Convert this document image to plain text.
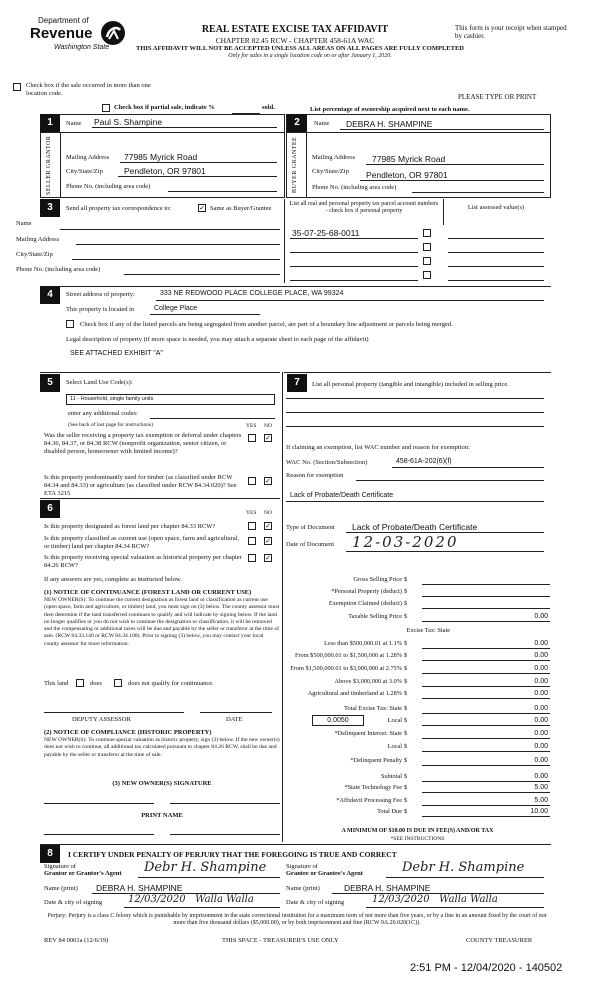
Department of
Revenue
Washington State
REAL ESTATE EXCISE TAX AFFIDAVIT
CHAPTER 82.45 RCW - CHAPTER 458-61A WAC
THIS AFFIDAVIT WILL NOT BE ACCEPTED UNLESS ALL AREAS ON ALL PAGES ARE FULLY COMPLETED
Only for sales in a single location code on or after January 1, 2020.
This form is your receipt when stamped by cashier.
PLEASE TYPE OR PRINT
Check box if the sale occurred in more than one location code.
Check box if partial sale, indicate %	sold.	List percentage of ownership acquired next to each name.
1	Name Paul S. Shampine
SELLER GRANTOR	Mailing Address 77985 Myrick Road
City/State/Zip Pendleton, OR 97801
Phone No. (including area code)
2	Name DEBRA H. SHAMPINE
BUYER GRANTEE	Mailing Address 77985 Myrick Road
City/State/Zip Pendleton, OR 97801
Phone No. (including area code)
3	Send all property tax correspondence to:	✓ Same as Buyer/Grantee
List all real and personal property tax parcel account numbers - check box if personal property
List assessed value(s)
Name
Mailing Address
City/State/Zip
Phone No. (including area code)
35-07-25-68-0011
4	Street address of property:	333 NE REDWOOD PLACE COLLEGE PLACE, WA 99324
This property is located in	College Place
Check box if any of the listed parcels are being segregated from another parcel, are part of a boundary line adjustment or parcels being merged.
Legal description of property (if more space is needed, you may attach a separate sheet to each page of the affidavit)
SEE ATTACHED EXHIBIT "A"
5	Select Land Use Code(s):
11 - Household, single family units
enter any additional codes:
(See back of last page for instructions)	YES NO
Was the seller receiving a property tax exemption or deferral under chapters 84.36, 84.37, or 84.38 RCW (nonprofit organization, senior citizen, or disabled person, homeowner with limited income)?
✓
Is this property predominantly used for timber (as classified under RCW 84.34 and 84.33) or agriculture (as classified under RCW 84.34.020)? See ETA 3215
✓
6	YES NO
Is this property designated as forest land per chapter 84.33 RCW?	✓
Is this property classified as current use (open space, farm and agricultural, or timber) land per chapter 84.34 RCW?
✓
Is this property receiving special valuation as historical property per chapter 84.26 RCW?
✓
If any answers are yes, complete as instructed below.
(1) NOTICE OF CONTINUANCE (FOREST LAND OR CURRENT USE)
NEW OWNER(S): To continue the current designation as forest land or classification as current use (open space, farm and agriculture, or timber) land, you must sign on (3) below. The county assessor must then determine if the land transferred continues to qualify and will indicate by signing below. If the land no longer qualifies or you do not wish to continue the designation or classification, it will be removed and the compensating or additional taxes will be due and payable by the seller or transferor at the time of sale. (RCW 84.33.140 or RCW 84.34.108). Prior to signing (3) below, you may contact your local county assessor for more information.
This land	does	does not qualify for continuance.
DEPUTY ASSESSOR	DATE
(2) NOTICE OF COMPLIANCE (HISTORIC PROPERTY)
NEW OWNER(S): To continue special valuation as historic property, sign (3) below. If the new owner(s) does not wish to continue, all additional tax calculated pursuant to chapter 84.26 RCW, shall be due and payable by the seller or transferor at the time of sale.
(3) NEW OWNER(S) SIGNATURE
PRINT NAME
7	List all personal property (tangible and intangible) included in selling price.
If claiming an exemption, list WAC number and reason for exemption:
WAC No. (Section/Subsection)	458-61A-202(6)(f)
Reason for exemption
Lack of Probate/Death Certificate
Type of Document Lack of Probate/Death Certificate
Date of Document 12-03-2020
Gross Selling Price $

*Personal Property (deduct) $

Exemption Claimed (deduct) $

Taxable Selling Price $	0.00
Excise Tax: State
Less than $500,000.01 at 1.1% $	0.00
From $500,000.01 to $1,500,000 at 1.28% $	0.00
From $1,500,000.01 to $3,000,000 at 2.75% $	0.00
Above $3,000,000 at 3.0% $	0.00
Agricultural and timberland at 1.28% $	0.00
Total Excise Tax: State $	0.00
Local $	0.00
*Delinquent Interest: State $	0.00
Local $	0.00
*Delinquent Penalty $	0.00
Subtotal $	0.00
*State Technology Fee $	5.00
*Affidavit Processing Fee $	5.00
Total Due $	10.00
0.0050
A MINIMUM OF $10.00 IS DUE IN FEE(S) AND/OR TAX
*SEE INSTRUCTIONS
8	I CERTIFY UNDER PENALTY OF PERJURY THAT THE FOREGOING IS TRUE AND CORRECT
Signature of
Grantor or Grantor's Agent Debr H. Shampine	Signature of
Grantee or Grantee's Agent	Debr H. Shampine
Name (print) DEBRA H. SHAMPINE	Name (print)	DEBRA H. SHAMPINE
Date & city of signing	12/03/2020   Walla Walla	Date & city of signing	12/03/2020   Walla Walla
Perjury: Perjury is a class C felony which is punishable by imprisonment in the state correctional institution for a maximum term of not more than five years, or by a fine in an amount fixed by the court of not more than five thousand dollars ($5,000.00), or by both imprisonment and fine (RCW 9A.20.020(1C)).
REV 84 0001a (12/6/19)	THIS SPACE - TREASURER'S USE ONLY	COUNTY TREASURER
2:51 PM - 12/04/2020 - 140502
